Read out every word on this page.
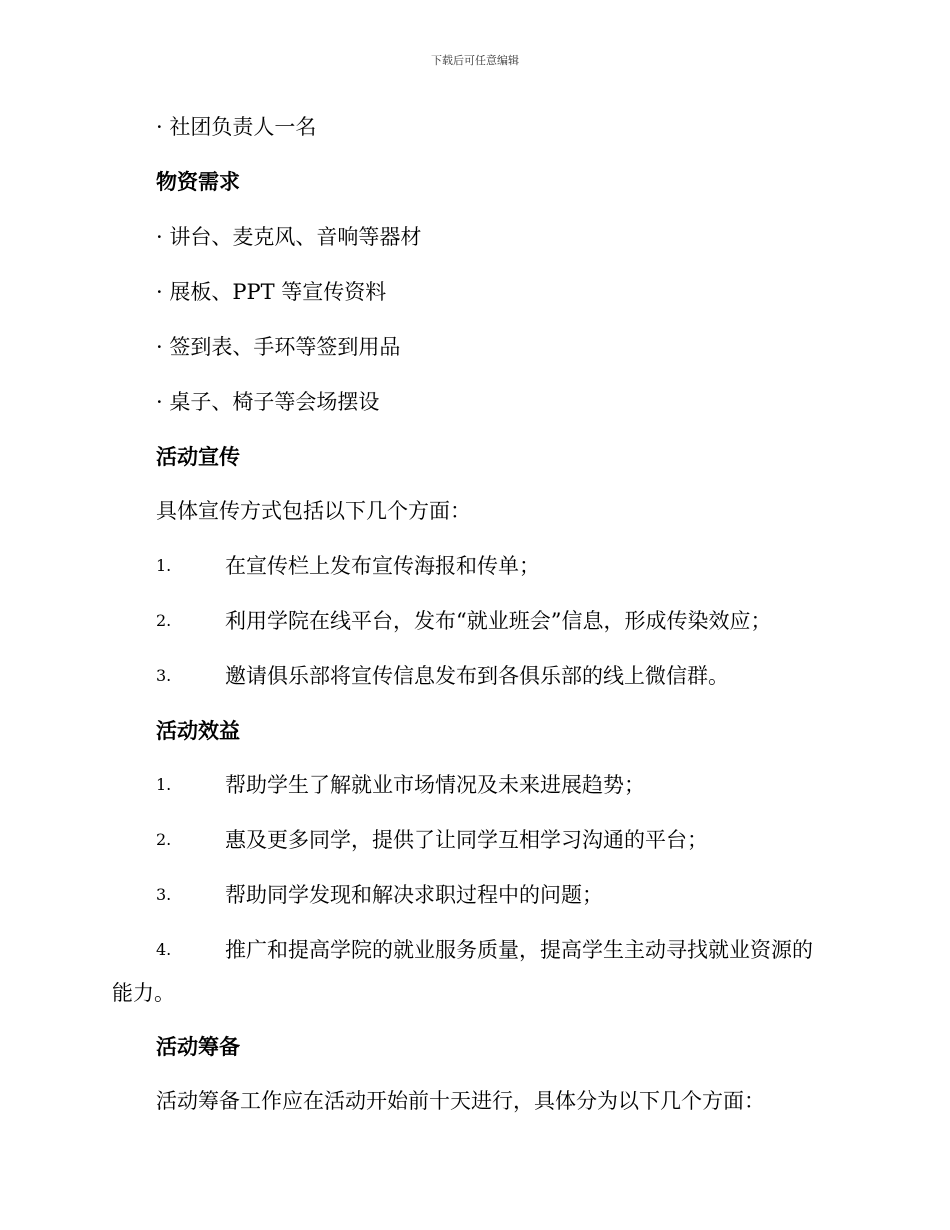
下载后可任意编辑
· 社团负责人一名
物资需求
· 讲台、麦克风、音响等器材
· 展板、PPT 等宣传资料
· 签到表、手环等签到用品
· 桌子、椅子等会场摆设
活动宣传
具体宣传方式包括以下几个方面：
1.	在宣传栏上发布宣传海报和传单；
2.	利用学院在线平台，发布“就业班会”信息，形成传染效应；
3.	邀请俱乐部将宣传信息发布到各俱乐部的线上微信群。
活动效益
1.	帮助学生了解就业市场情况及未来进展趋势；
2.	惠及更多同学，提供了让同学互相学习沟通的平台；
3.	帮助同学发现和解决求职过程中的问题；
4.	推广和提高学院的就业服务质量，提高学生主动寻找就业资源的
能力。
活动筹备
活动筹备工作应在活动开始前十天进行，具体分为以下几个方面：
